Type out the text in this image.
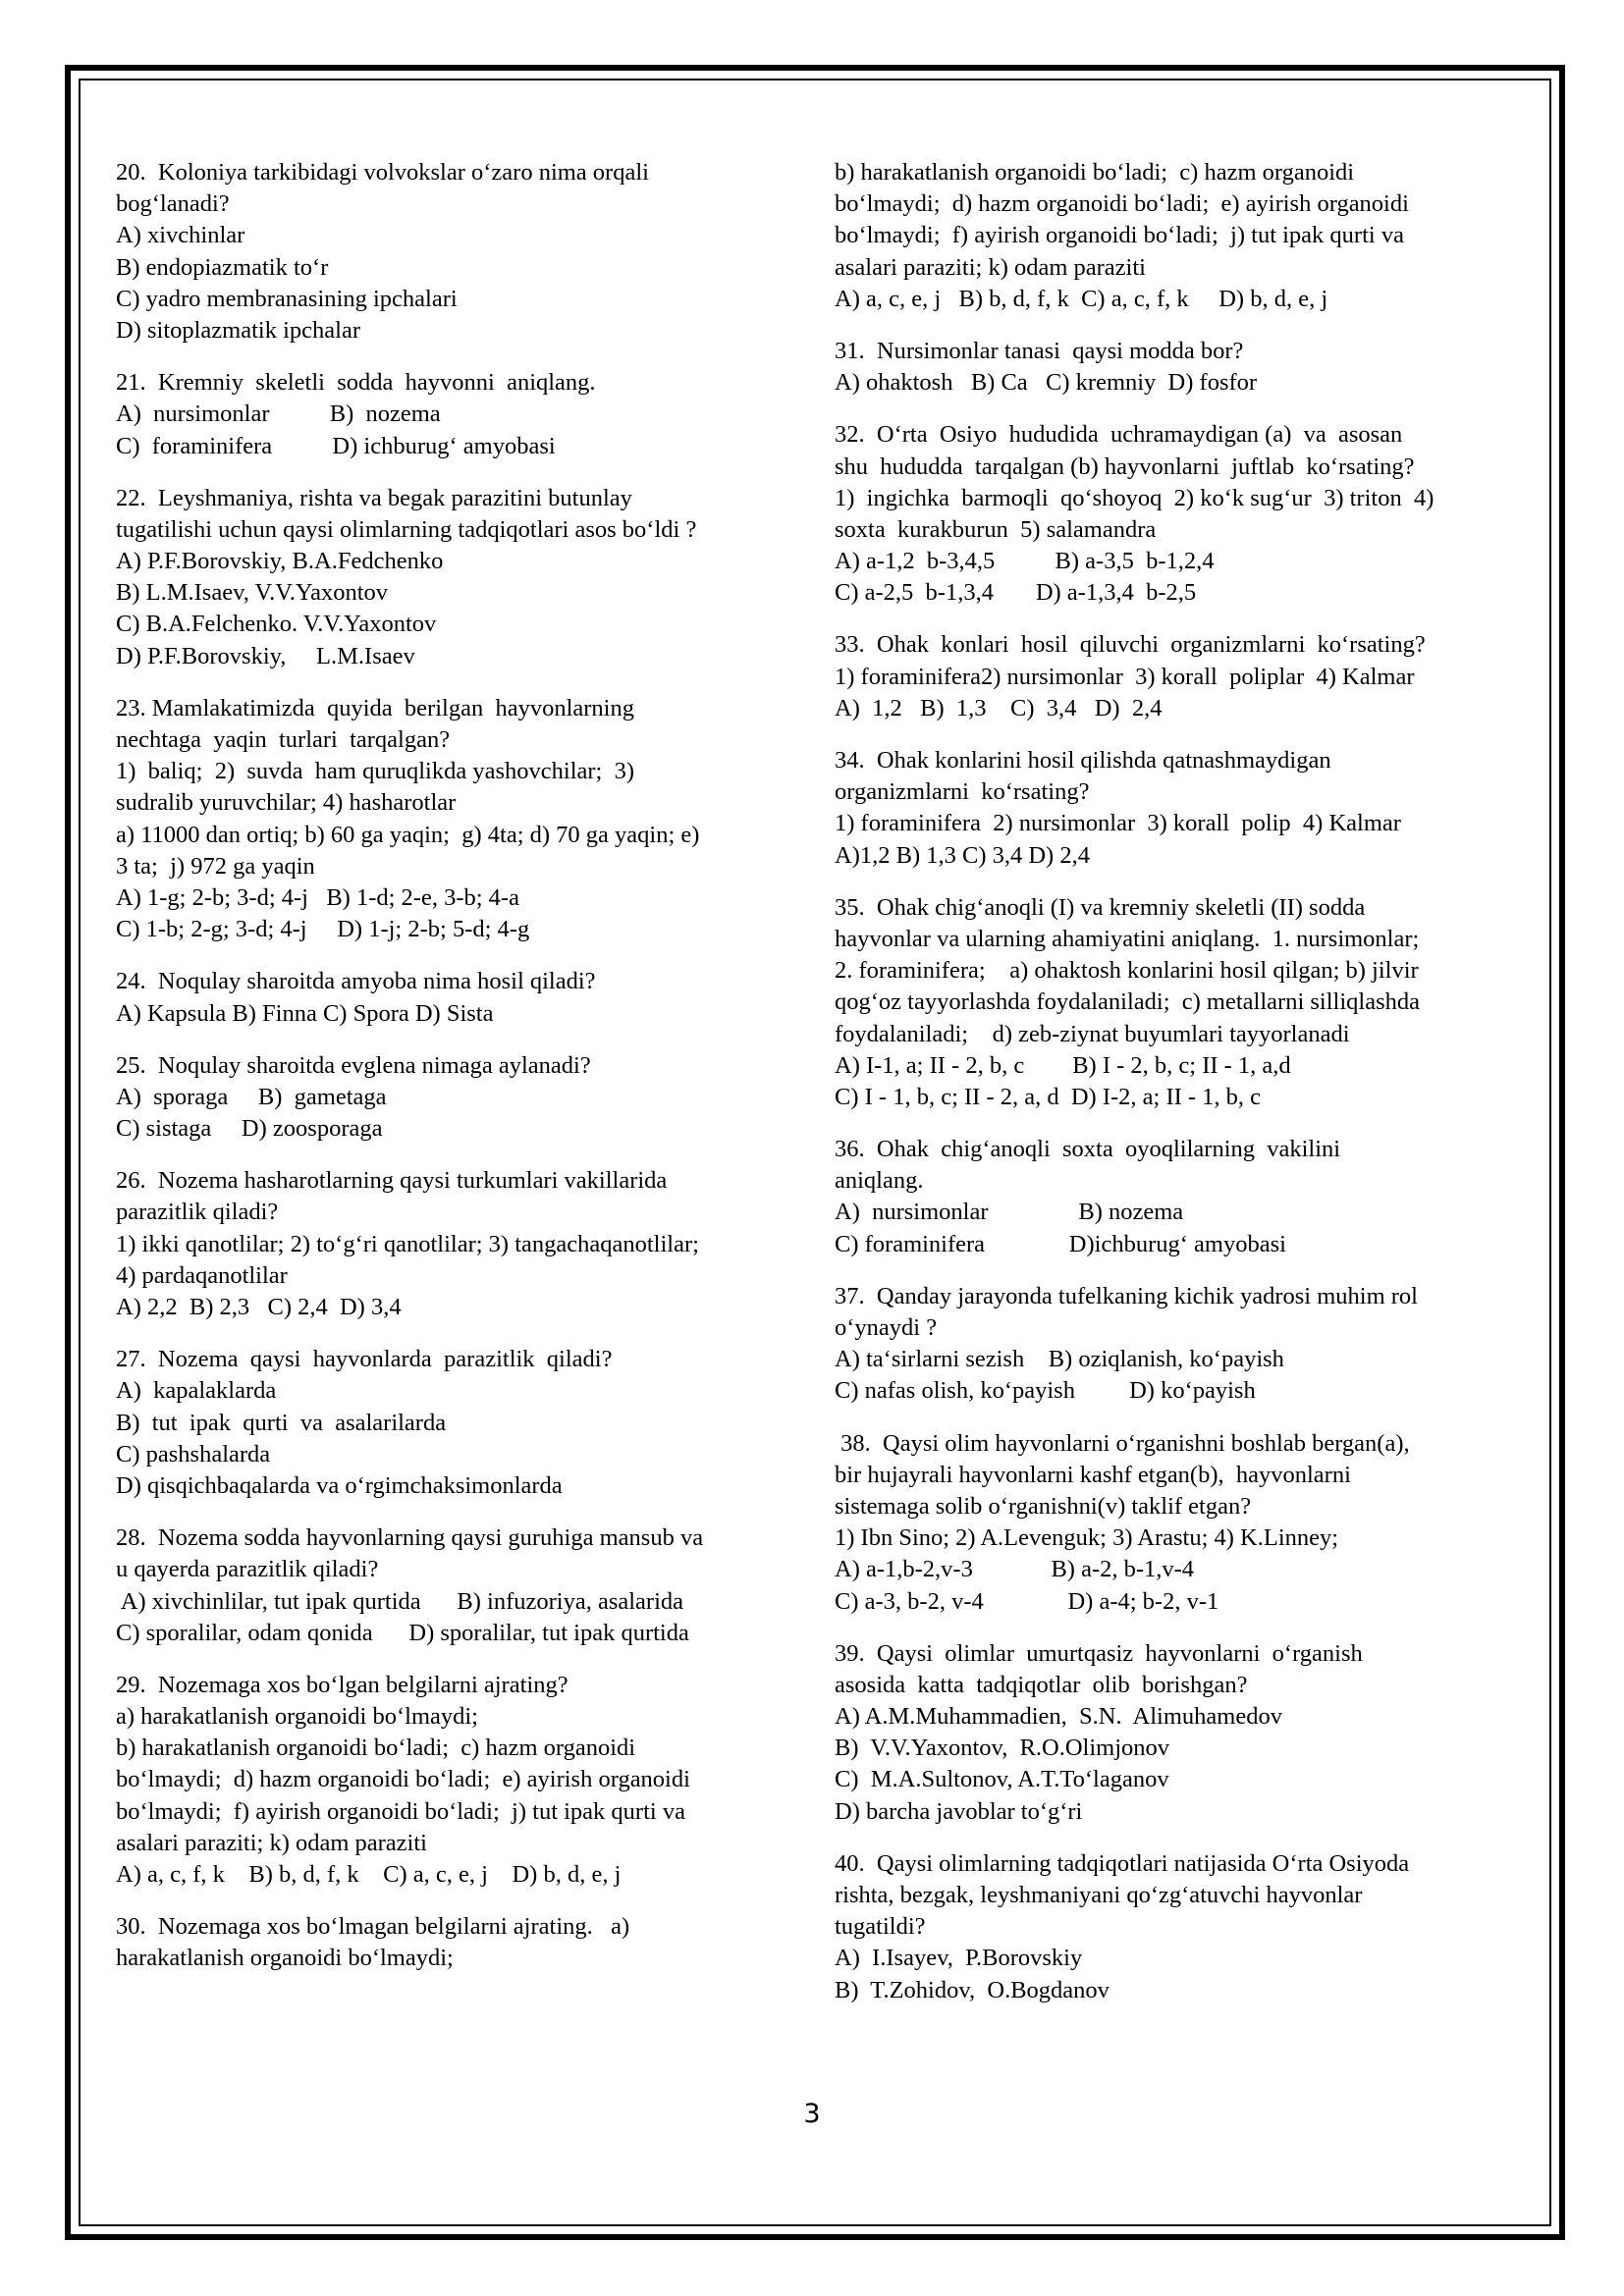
20.  Koloniya tarkibidagi volvokslar o‘zaro nima orqali
bog‘lanadi?
A) xivchinlar
B) endopiazmatik to‘r
C) yadro membranasining ipchalari
D) sitoplazmatik ipchalar
21.  Kremniy  skeletli  sodda  hayvonni  aniqlang.
A)  nursimonlar          B)  nozema
C)  foraminifera          D) ichburug‘ amyobasi
22.  Leyshmaniya, rishta va begak parazitini butunlay
tugatilishi uchun qaysi olimlarning tadqiqotlari asos bo‘ldi ?
A) P.F.Borovskiy, B.A.Fedchenko
B) L.M.Isaev, V.V.Yaxontov
C) B.A.Felchenko. V.V.Yaxontov
D) P.F.Borovskiy,     L.M.Isaev
23. Mamlakatimizda  quyida  berilgan  hayvonlarning
nechtaga  yaqin  turlari  tarqalgan?
1)  baliq;  2)  suvda  ham quruqlikda yashovchilar;  3)
sudralib yuruvchilar; 4) hasharotlar
a) 11000 dan ortiq; b) 60 ga yaqin;  g) 4ta; d) 70 ga yaqin; e)
3 ta;  j) 972 ga yaqin
A) 1-g; 2-b; 3-d; 4-j   B) 1-d; 2-e, 3-b; 4-a
C) 1-b; 2-g; 3-d; 4-j     D) 1-j; 2-b; 5-d; 4-g
24.  Noqulay sharoitda amyoba nima hosil qiladi?
A) Kapsula B) Finna C) Spora D) Sista
25.  Noqulay sharoitda evglena nimaga aylanadi?
A)  sporaga     B)  gametaga
C) sistaga     D) zoosporaga
26.  Nozema hasharotlarning qaysi turkumlari vakillarida
parazitlik qiladi?
1) ikki qanotlilar; 2) to‘g‘ri qanotlilar; 3) tangachaqanotlilar;
4) pardaqanotlilar
A) 2,2  B) 2,3   C) 2,4  D) 3,4
27.  Nozema  qaysi  hayvonlarda  parazitlik  qiladi?
A)  kapalaklarda
B)  tut  ipak  qurti  va  asalarilarda
C) pashshalarda
D) qisqichbaqalarda va o‘rgimchaksimonlarda
28.  Nozema sodda hayvonlarning qaysi guruhiga mansub va
u qayerda parazitlik qiladi?
A) xivchinlilar, tut ipak qurtida      B) infuzoriya, asalarida
C) sporalilar, odam qonida      D) sporalilar, tut ipak qurtida
29.  Nozemaga xos bo‘lgan belgilarni ajrating?
a) harakatlanish organoidi bo‘lmaydi;
b) harakatlanish organoidi bo‘ladi;  c) hazm organoidi
bo‘lmaydi;  d) hazm organoidi bo‘ladi;  e) ayirish organoidi
bo‘lmaydi;  f) ayirish organoidi bo‘ladi;  j) tut ipak qurti va
asalari paraziti; k) odam paraziti
A) a, c, f, k    B) b, d, f, k    C) a, c, e, j    D) b, d, e, j
30.  Nozemaga xos bo‘lmagan belgilarni ajrating.   a)
harakatlanish organoidi bo‘lmaydi;
b) harakatlanish organoidi bo‘ladi;  c) hazm organoidi
bo‘lmaydi;  d) hazm organoidi bo‘ladi;  e) ayirish organoidi
bo‘lmaydi;  f) ayirish organoidi bo‘ladi;  j) tut ipak qurti va
asalari paraziti; k) odam paraziti
A) a, c, e, j   B) b, d, f, k  C) a, c, f, k     D) b, d, e, j
31.  Nursimonlar tanasi  qaysi modda bor?
A) ohaktosh   B) Ca   C) kremniy  D) fosfor
32.  O‘rta  Osiyo  hududida  uchramaydigan (a)  va  asosan
shu  hududda  tarqalgan (b) hayvonlarni  juftlab  ko‘rsating?
1)  ingichka  barmoqli  qo‘shoyoq  2) ko‘k sug‘ur  3) triton  4)
soxta  kurakburun  5) salamandra
A) a-1,2  b-3,4,5          B) a-3,5  b-1,2,4
C) a-2,5  b-1,3,4       D) a-1,3,4  b-2,5
33.  Ohak  konlari  hosil  qiluvchi  organizmlarni  ko‘rsating?
1) foraminifera2) nursimonlar  3) korall  poliplar  4) Kalmar
A)  1,2   B)  1,3    C)  3,4   D)  2,4
34.  Ohak konlarini hosil qilishda qatnashmaydigan
organizmlarni  ko‘rsating?
1) foraminifera  2) nursimonlar  3) korall  polip  4) Kalmar
A)1,2 B) 1,3 C) 3,4 D) 2,4
35.  Ohak chig‘anoqli (I) va kremniy skeletli (II) sodda
hayvonlar va ularning ahamiyatini aniqlang.  1. nursimonlar;
2. foraminifera;    a) ohaktosh konlarini hosil qilgan; b) jilvir
qog‘oz tayyorlashda foydalaniladi;  c) metallarni silliqlashda
foydalaniladi;    d) zeb-ziynat buyumlari tayyorlanadi
A) I-1, a; II - 2, b, c        B) I - 2, b, c; II - 1, a,d
C) I - 1, b, c; II - 2, a, d  D) I-2, a; II - 1, b, c
36.  Ohak  chig‘anoqli  soxta  oyoqlilarning  vakilini
aniqlang.
A)  nursimonlar               B) nozema
C) foraminifera              D)ichburug‘ amyobasi
37.  Qanday jarayonda tufelkaning kichik yadrosi muhim rol
o‘ynaydi ?
A) ta‘sirlarni sezish    B) oziqlanish, ko‘payish
C) nafas olish, ko‘payish         D) ko‘payish
38.  Qaysi olim hayvonlarni o‘rganishni boshlab bergan(a),
bir hujayrali hayvonlarni kashf etgan(b),  hayvonlarni
sistemaga solib o‘rganishni(v) taklif etgan?
1) Ibn Sino; 2) A.Levenguk; 3) Arastu; 4) K.Linney;
A) a-1,b-2,v-3             B) a-2, b-1,v-4
C) a-3, b-2, v-4              D) a-4; b-2, v-1
39.  Qaysi  olimlar  umurtqasiz  hayvonlarni  o‘rganish
asosida  katta  tadqiqotlar  olib  borishgan?
A) A.M.Muhammadien,  S.N.  Alimuhamedov
B)  V.V.Yaxontov,  R.O.Olimjonov
C)  M.A.Sultonov, A.T.To‘laganov
D) barcha javoblar to‘g‘ri
40.  Qaysi olimlarning tadqiqotlari natijasida O‘rta Osiyoda
rishta, bezgak, leyshmaniyani qo‘zg‘atuvchi hayvonlar
tugatildi?
A)  I.Isayev,  P.Borovskiy
B)  T.Zohidov,  O.Bogdanov
3
